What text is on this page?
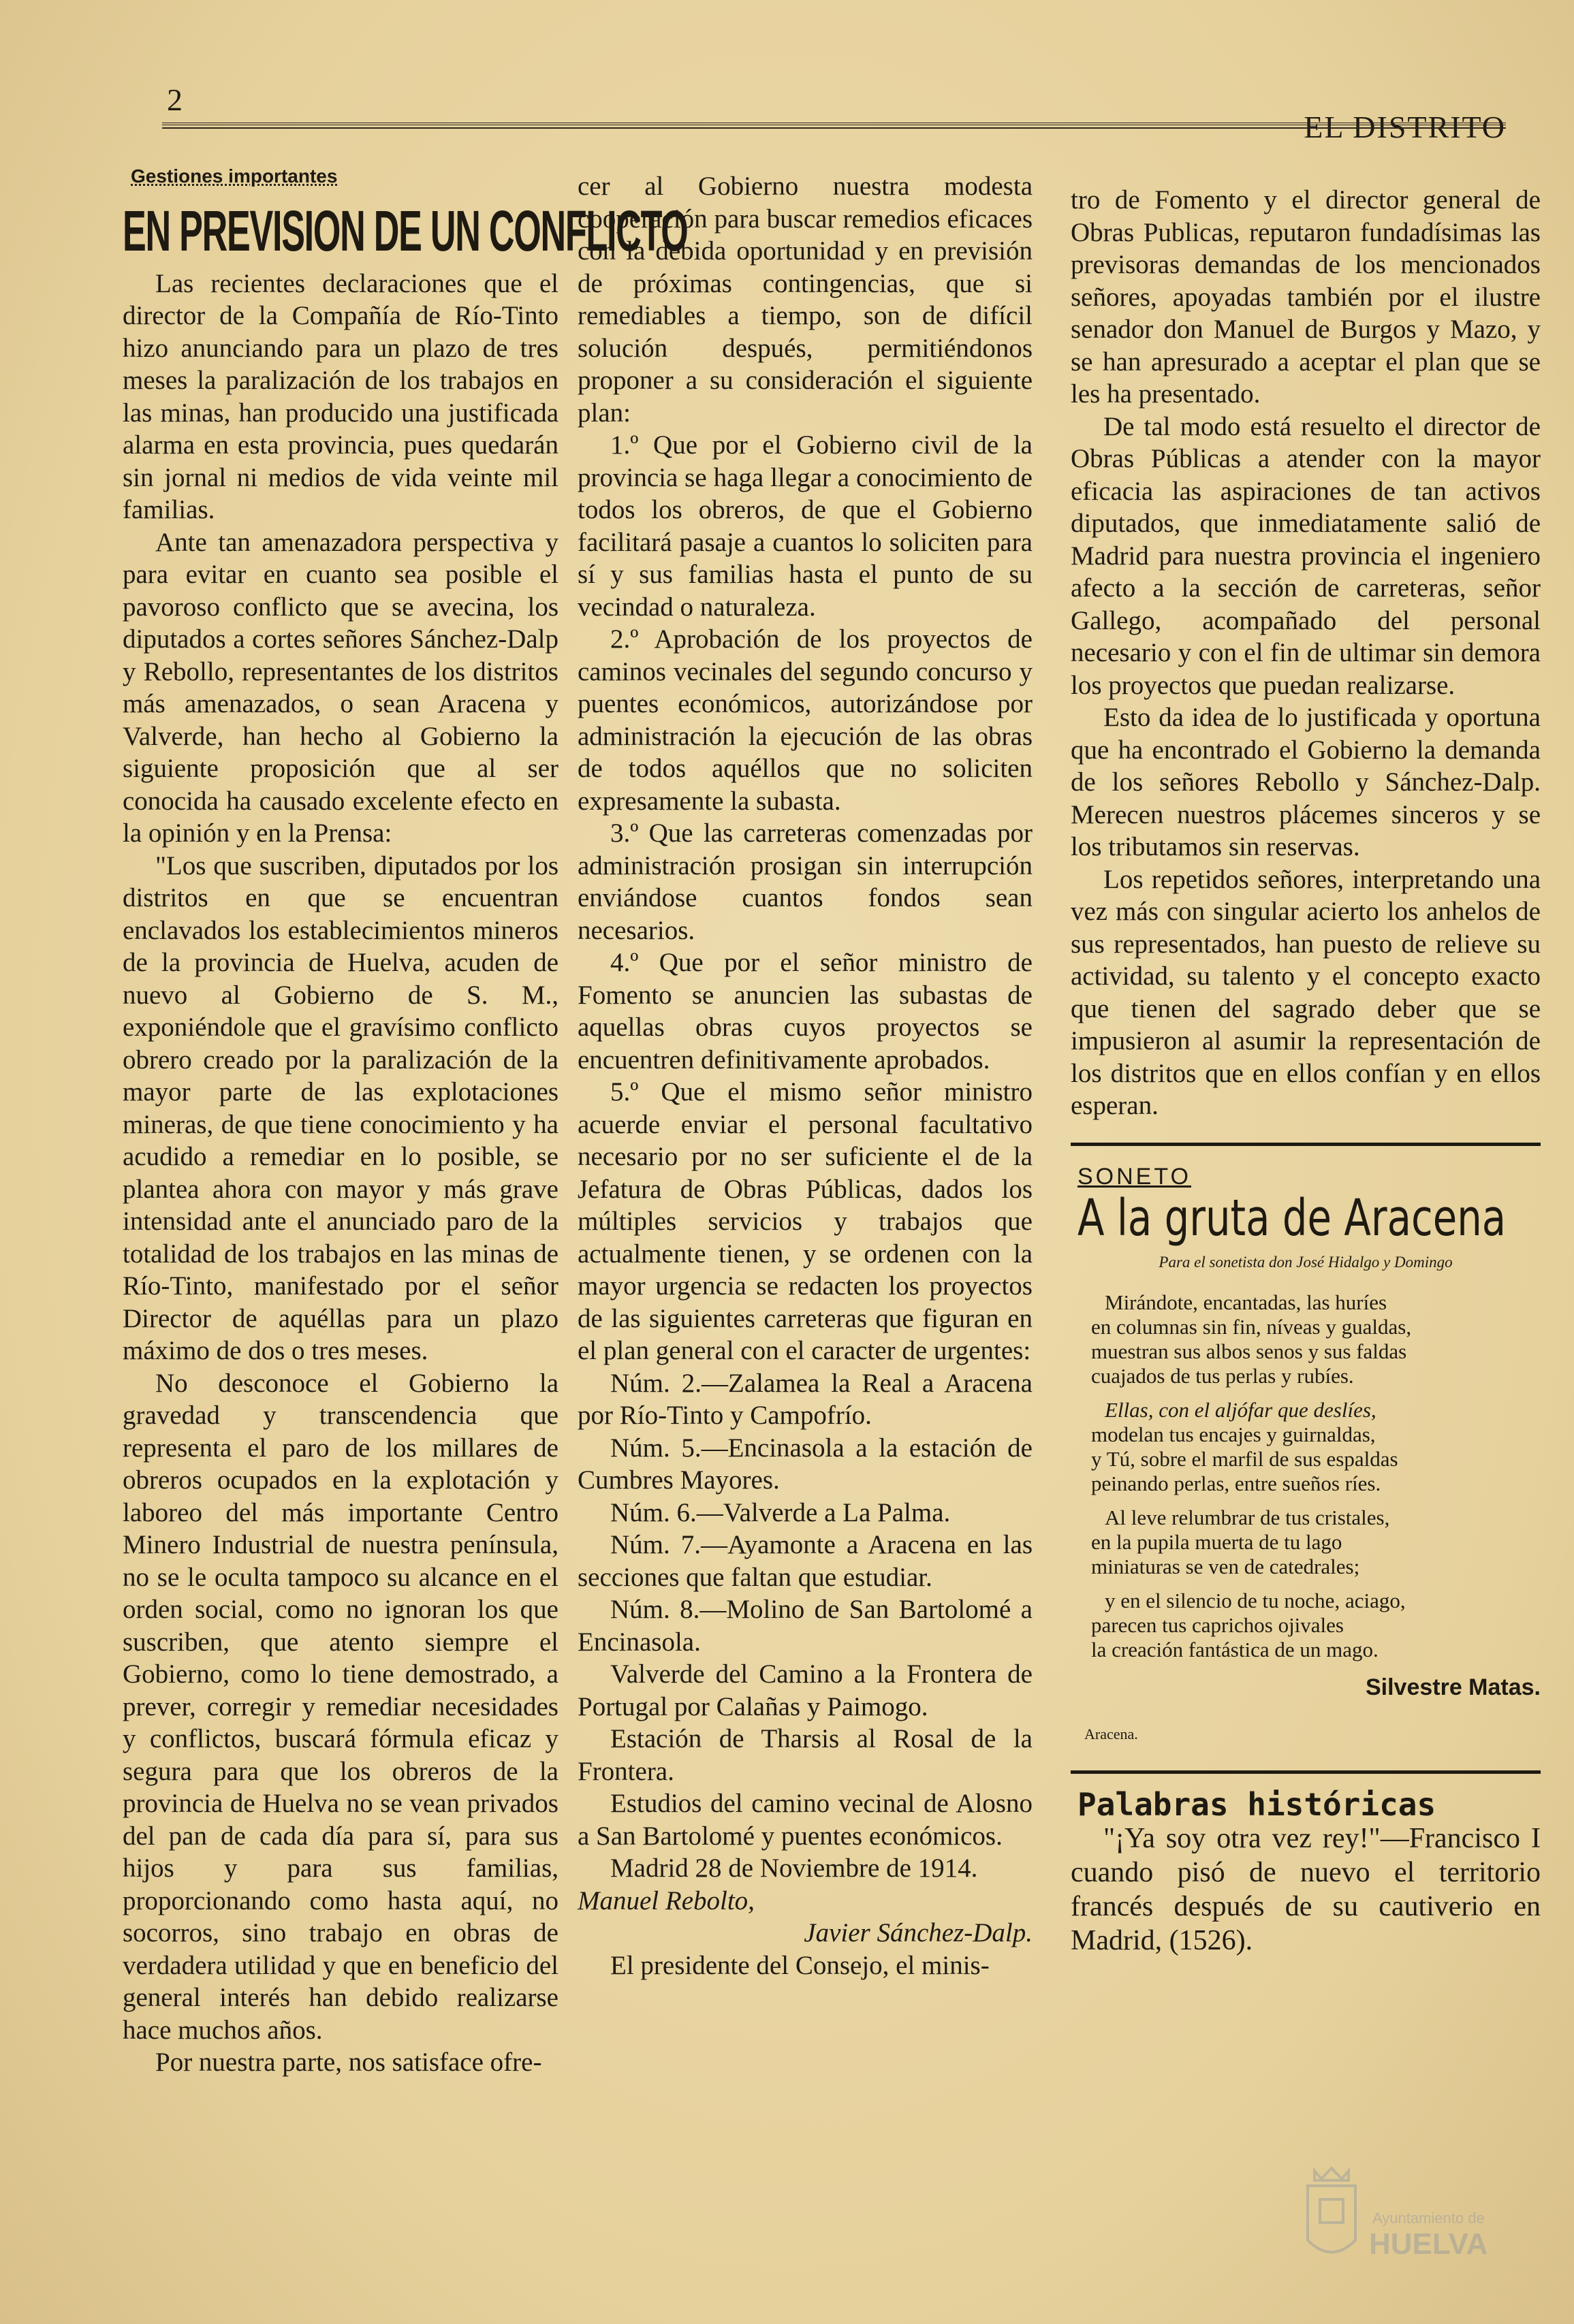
2
EL DISTRITO
Gestiones importantes
EN PREVISION DE UN CONFLICTO

Las recientes declaraciones que el director de la Compañía de Río-Tinto hizo anunciando para un plazo de tres meses la paralización de los trabajos en las minas, han producido una justificada alarma en esta provincia, pues quedarán sin jornal ni medios de vida veinte mil familias.

Ante tan amenazadora perspectiva y para evitar en cuanto sea posible el pavoroso conflicto que se avecina, los diputados a cortes señores Sánchez-Dalp y Rebollo, representantes de los distritos más amenazados, o sean Aracena y Valverde, han hecho al Gobierno la siguiente proposición que al ser conocida ha causado excelente efecto en la opinión y en la Prensa:

"Los que suscriben, diputados por los distritos en que se encuentran enclavados los establecimientos mineros de la provincia de Huelva, acuden de nuevo al Gobierno de S. M., exponiéndole que el gravísimo conflicto obrero creado por la paralización de la mayor parte de las explotaciones mineras, de que tiene conocimiento y ha acudido a remediar en lo posible, se plantea ahora con mayor y más grave intensidad ante el anunciado paro de la totalidad de los trabajos en las minas de Río-Tinto, manifestado por el señor Director de aquéllas para un plazo máximo de dos o tres meses.

No desconoce el Gobierno la gravedad y transcendencia que representa el paro de los millares de obreros ocupados en la explotación y laboreo del más importante Centro Minero Industrial de nuestra península, no se le oculta tampoco su alcance en el orden social, como no ignoran los que suscriben, que atento siempre el Gobierno, como lo tiene demostrado, a prever, corregir y remediar necesidades y conflictos, buscará fórmula eficaz y segura para que los obreros de la provincia de Huelva no se vean privados del pan de cada día para sí, para sus hijos y para sus familias, proporcionando como hasta aquí, no socorros, sino trabajo en obras de verdadera utilidad y que en beneficio del general interés han debido realizarse hace muchos años.

Por nuestra parte, nos satisface ofre-

cer al Gobierno nuestra modesta cooperación para buscar remedios eficaces con la debida oportunidad y en previsión de próximas contingencias, que si remediables a tiempo, son de difícil solución después, permitiéndonos proponer a su consideración el siguiente plan:

1.º Que por el Gobierno civil de la provincia se haga llegar a conocimiento de todos los obreros, de que el Gobierno facilitará pasaje a cuantos lo soliciten para sí y sus familias hasta el punto de su vecindad o naturaleza.

2.º Aprobación de los proyectos de caminos vecinales del segundo concurso y puentes económicos, autorizándose por administración la ejecución de las obras de todos aquéllos que no soliciten expresamente la subasta.

3.º Que las carreteras comenzadas por administración prosigan sin interrupción enviándose cuantos fondos sean necesarios.

4.º Que por el señor ministro de Fomento se anuncien las subastas de aquellas obras cuyos proyectos se encuentren definitivamente aprobados.

5.º Que el mismo señor ministro acuerde enviar el personal facultativo necesario por no ser suficiente el de la Jefatura de Obras Públicas, dados los múltiples servicios y trabajos que actualmente tienen, y se ordenen con la mayor urgencia se redacten los proyectos de las siguientes carreteras que figuran en el plan general con el caracter de urgentes:

Núm. 2.—Zalamea la Real a Aracena por Río-Tinto y Campofrío.

Núm. 5.—Encinasola a la estación de Cumbres Mayores.

Núm. 6.—Valverde a La Palma.

Núm. 7.—Ayamonte a Aracena en las secciones que faltan que estudiar.

Núm. 8.—Molino de San Bartolomé a Encinasola.

Valverde del Camino a la Frontera de Portugal por Calañas y Paimogo.

Estación de Tharsis al Rosal de la Frontera.

Estudios del camino vecinal de Alosno a San Bartolomé y puentes económicos.

Madrid 28 de Noviembre de 1914.

Manuel Rebolto,

Javier Sánchez-Dalp.

El presidente del Consejo, el minis-

tro de Fomento y el director general de Obras Publicas, reputaron fundadísimas las previsoras demandas de los mencionados señores, apoyadas también por el ilustre senador don Manuel de Burgos y Mazo, y se han apresurado a aceptar el plan que se les ha presentado.

De tal modo está resuelto el director de Obras Públicas a atender con la mayor eficacia las aspiraciones de tan activos diputados, que inmediatamente salió de Madrid para nuestra provincia el ingeniero afecto a la sección de carreteras, señor Gallego, acompañado del personal necesario y con el fin de ultimar sin demora los proyectos que puedan realizarse.

Esto da idea de lo justificada y oportuna que ha encontrado el Gobierno la demanda de los señores Rebollo y Sánchez-Dalp. Merecen nuestros plácemes sinceros y se los tributamos sin reservas.

Los repetidos señores, interpretando una vez más con singular acierto los anhelos de sus representados, han puesto de relieve su actividad, su talento y el concepto exacto que tienen del sagrado deber que se impusieron al asumir la representación de los distritos que en ellos confían y en ellos esperan.

SONETO
A la gruta de Aracena
Para el sonetista don José Hidalgo y Domingo
Mirándote, encantadas, las huríes
en columnas sin fin, níveas y gualdas,
muestran sus albos senos y sus faldas
cuajados de tus perlas y rubíes.
Ellas, con el aljófar que deslíes,
modelan tus encajes y guirnaldas,
y Tú, sobre el marfil de sus espaldas
peinando perlas, entre sueños ríes.
Al leve relumbrar de tus cristales,
en la pupila muerta de tu lago
miniaturas se ven de catedrales;
y en el silencio de tu noche, aciago,
parecen tus caprichos ojivales
la creación fantástica de un mago.
Silvestre Matas.
Aracena.
Palabras históricas

"¡Ya soy otra vez rey!"—Francisco I cuando pisó de nuevo el territorio francés después de su cautiverio en Madrid, (1526).

Ayuntamiento de
HUELVA
